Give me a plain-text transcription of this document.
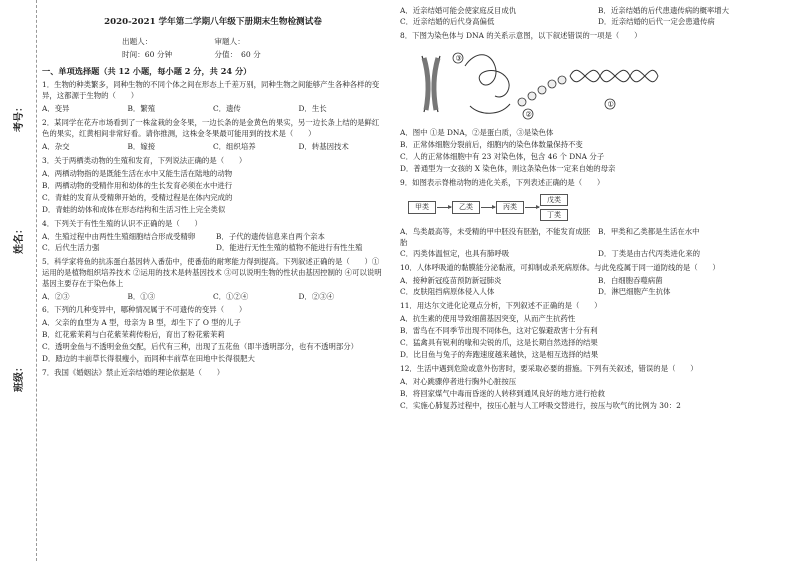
考号：
姓名：
班级：
2020-2021 学年第二学期八年级下册期末生物检测试卷
出题人：	审题人：
时间：60 分钟	分值：　60 分
一、单项选择题（共 12 小题，每小题 2 分，共 24 分）
1．生物的种类繁多，同种生物的不同个体之间在形态上千差万别，同种生物之间能够产生各种各样的变异，这都源于生物的（　　）
A．变异	B．繁殖	C．遗传	D．生长
2．某同学在花卉市场看到了一株盆栽的金冬果，一边长条的是金黄色的果实，另一边长条上结的是鲜红色的果实，红黄相间非常好看。请你推测，这株金冬果最可能用到的技术是（　　）
A．杂交	B．嫁接	C．组织培养	D．转基因技术
3．关于两栖类动物的生殖和发育，下列说法正确的是（　　）
A．两栖动物指的是既能生活在水中又能生活在陆地的动物
B．两栖动物的受精作用和幼体的生长发育必须在水中进行
C．青蛙的发育从受精卵开始的，受精过程是在体内完成的
D．青蛙的幼体和成体在形态结构和生活习性上完全类似
4．下列关于有性生殖的认识不正确的是（　　）
A．生殖过程中由两性生殖细胞结合形成受精卵	B．子代的遗传信息来自两个亲本
C．后代生活力强	D．能进行无性生殖的植物不能进行有性生殖
5．科学家将鱼的抗冻蛋白基因转入番茄中，使番茄的耐寒能力得到提高。下列叙述正确的是（　　）①运用的是植物组织培养技术 ②运用的技术是转基因技术 ③可以说明生物的性状由基因控制的 ④可以说明基因主要存在于染色体上
A．②③	B．①③	C．①②④	D．②③④
6．下列的几种变异中，哪种情况属于不可遗传的变异（　　）
A．父亲的血型为 A 型，母亲为 B 型，却生下了 O 型的儿子
B．红花紫茉莉与白花紫茉莉传粉后，育出了粉花紫茉莉
C．透明金鱼与不透明金鱼交配，后代有三种，出现了五花鱼（即半透明部分，也有不透明部分）
D．踏边的丰前草长得很瘦小，而同种丰前草在田地中长得很肥大
7．我国《婚姻法》禁止近亲结婚的理论依据是（　　）
A．近亲结婚可能会使家庭反目成仇	B．近亲结婚的后代患遗传病的概率增大
C．近亲结婚的后代身高偏低	D．近亲结婚的后代一定会患遗传病
8．下图为染色体与 DNA 的关系示意图，以下叙述错误的一项是（　　）
③
②
①
A．图中 ①是 DNA，②是蛋白质，③是染色体
B．正常体细胞分裂前后，细胞内的染色体数量保持不变
C．人的正常体细胞中有 23 对染色体，包含 46 个 DNA 分子
D．普通型为一女孩的 X 染色体，则这条染色体一定来自她的母亲
9．如图表示脊椎动物的进化关系，下列表述正确的是（　　）
甲类	乙类	丙类
戊类
丁类
A．鸟类最高等，未受精的甲中胚没有胚胎，不能发育成胚胎
B．甲类和乙类都是生活在水中
C．丙类体温恒定，也具有肺呼吸	D．丁类是由古代丙类进化来的
10．人体呼吸道的黏膜能分泌黏液，可抑制或杀死病原体。与此免疫属于同一道防线的是（　　）
A．接种新冠疫苗预防新冠肺炎	B．白细胞吞噬病菌
C．皮肤阻挡病原体侵入人体	D．淋巴细胞产生抗体
11．用达尔文进化论观点分析，下列叙述不正确的是（　　）
A．抗生素的使用导致细菌基因突变，从而产生抗药性
B．雷鸟在不同季节出现不同体色，这对它躲避敌害十分有利
C．猛禽具有锐利的喙和尖锐的爪，这是长期自然选择的结果
D．比目鱼与兔子的奔跑速度越来越快，这是相互选择的结果
12．生活中遇到危险或意外伤害时，要采取必要的措施。下列有关叙述，错误的是（　　）
A．对心跳骤停者进行胸外心脏按压
B．将回家煤气中毒而昏迷的人转移到通风良好的地方进行抢救
C．实施心肺复苏过程中，按压心脏与人工呼吸交替进行，按压与吹气的比例为 30：2
